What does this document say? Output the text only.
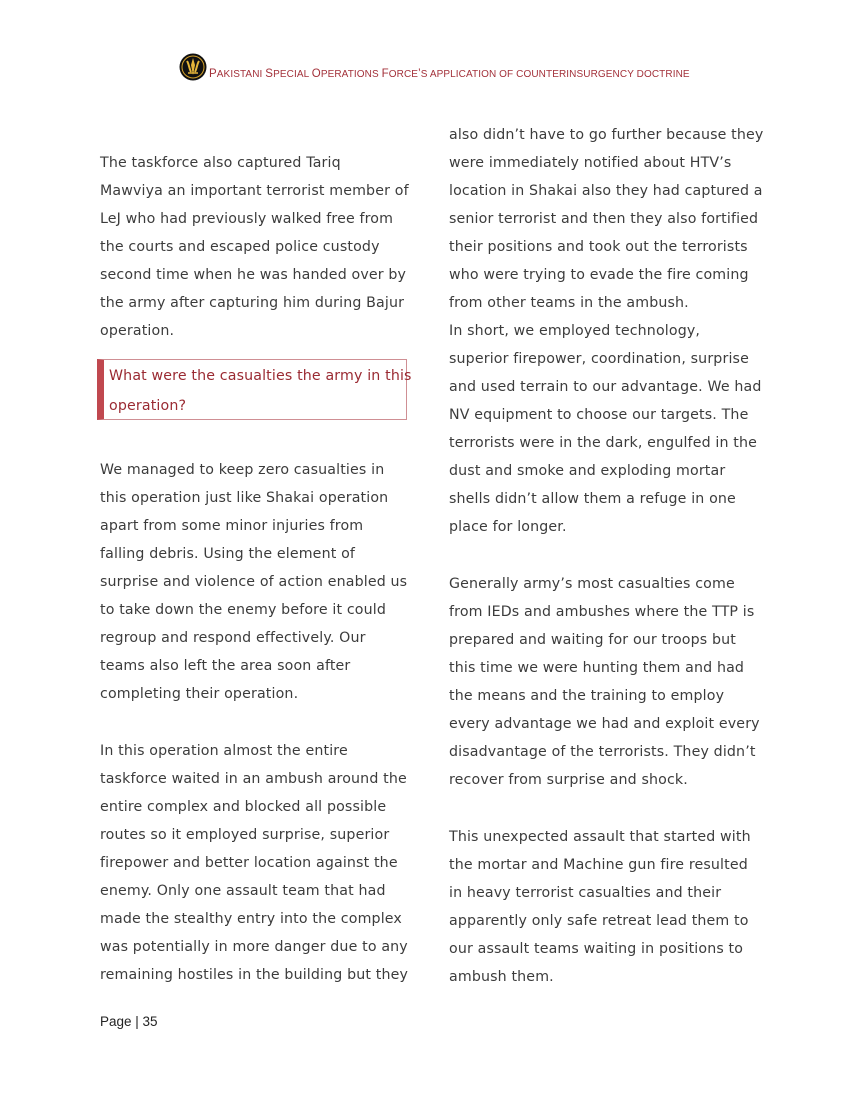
PAKISTANI SPECIAL OPERATIONS FORCE’S APPLICATION OF COUNTERINSURGENCY DOCTRINE

The taskforce also captured Tariq

Mawviya an important terrorist member of

LeJ who had previously walked free from

the courts and escaped police custody

second time when he was handed over by

the army after capturing him during Bajur

operation.

What were the casualties the army in this

operation?

We managed to keep zero casualties in

this operation just like Shakai operation

apart from some minor injuries from

falling debris. Using the element of

surprise and violence of action enabled us

to take down the enemy before it could

regroup and respond effectively. Our

teams also left the area soon after

completing their operation.

In this operation almost the entire

taskforce waited in an ambush around the

entire complex and blocked all possible

routes so it employed surprise, superior

firepower and better location against the

enemy. Only one assault team that had

made the stealthy entry into the complex

was potentially in more danger due to any

remaining hostiles in the building but they

also didn’t have to go further because they

were immediately notified about HTV’s

location in Shakai also they had captured a

senior terrorist and then they also fortified

their positions and took out the terrorists

who were trying to evade the fire coming

from other teams in the ambush.

In short, we employed technology,

superior firepower, coordination, surprise

and used terrain to our advantage. We had

NV equipment to choose our targets. The

terrorists were in the dark, engulfed in the

dust and smoke and exploding mortar

shells didn’t allow them a refuge in one

place for longer.

Generally army’s most casualties come

from IEDs and ambushes where the TTP is

prepared and waiting for our troops but

this time we were hunting them and had

the means and the training to employ

every advantage we had and exploit every

disadvantage of the terrorists. They didn’t

recover from surprise and shock.

This unexpected assault that started with

the mortar and Machine gun fire resulted

in heavy terrorist casualties and their

apparently only safe retreat lead them to

our assault teams waiting in positions to

ambush them.

Page | 35
